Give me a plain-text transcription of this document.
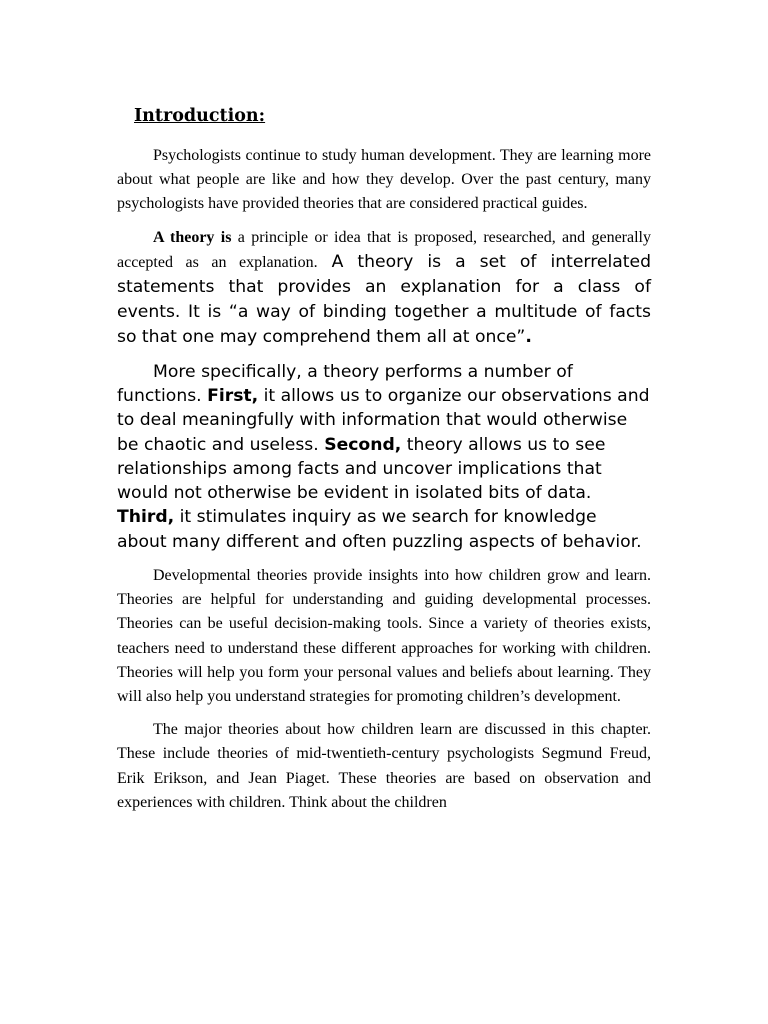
Introduction:

Psychologists continue to study human development. They are learning more about what people are like and how they develop. Over the past century, many psychologists have provided theories that are considered practical guides.

A theory is a principle or idea that is proposed, researched, and generally accepted as an explanation. A theory is a set of interrelated statements that provides an explanation for a class of events. It is “a way of binding together a multitude of facts so that one may comprehend them all at once”.

More specifically, a theory performs a number of functions. First, it allows us to organize our observations and to deal meaningfully with information that would otherwise be chaotic and useless. Second, theory allows us to see relationships among facts and uncover implications that would not otherwise be evident in isolated bits of data. Third, it stimulates inquiry as we search for knowledge about many different and often puzzling aspects of behavior.

Developmental theories provide insights into how children grow and learn. Theories are helpful for understanding and guiding developmental processes. Theories can be useful decision-making tools. Since a variety of theories exists, teachers need to understand these different approaches for working with children. Theories will help you form your personal values and beliefs about learning. They will also help you understand strategies for promoting children’s development.

The major theories about how children learn are discussed in this chapter. These include theories of mid-twentieth-century psychologists Segmund Freud, Erik Erikson, and Jean Piaget. These theories are based on observation and experiences with children. Think about the children
